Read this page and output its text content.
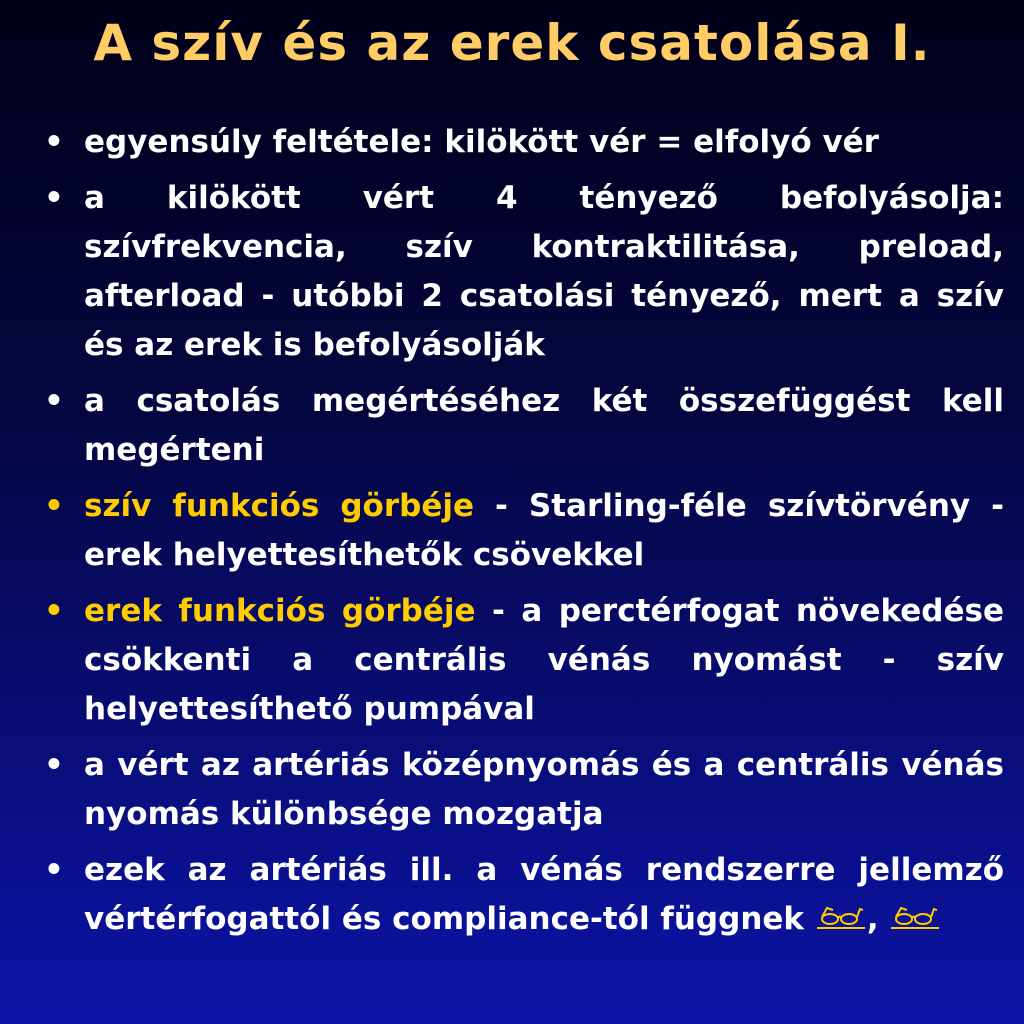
A szív és az erek csatolása I.
• egyensúly feltétele: kilökött vér = elfolyó vér
• a kilökött vért 4 tényező befolyásolja: szívfrekvencia, szív kontraktilitása, preload, afterload - utóbbi 2 csatolási tényező, mert a szív és az erek is befolyásolják
• a csatolás megértéséhez két összefüggést kell megérteni
• szív funkciós görbéje - Starling-féle szívtörvény - erek helyettesíthetők csövekkel
• erek funkciós görbéje - a perctérfogat növekedése csökkenti a centrális vénás nyomást - szív helyettesíthető pumpával
• a vért az artériás középnyomás és a centrális vénás nyomás különbsége mozgatja
• ezek az artériás ill. a vénás rendszerre jellemző vértérfogattól és compliance-tól függnek
,
